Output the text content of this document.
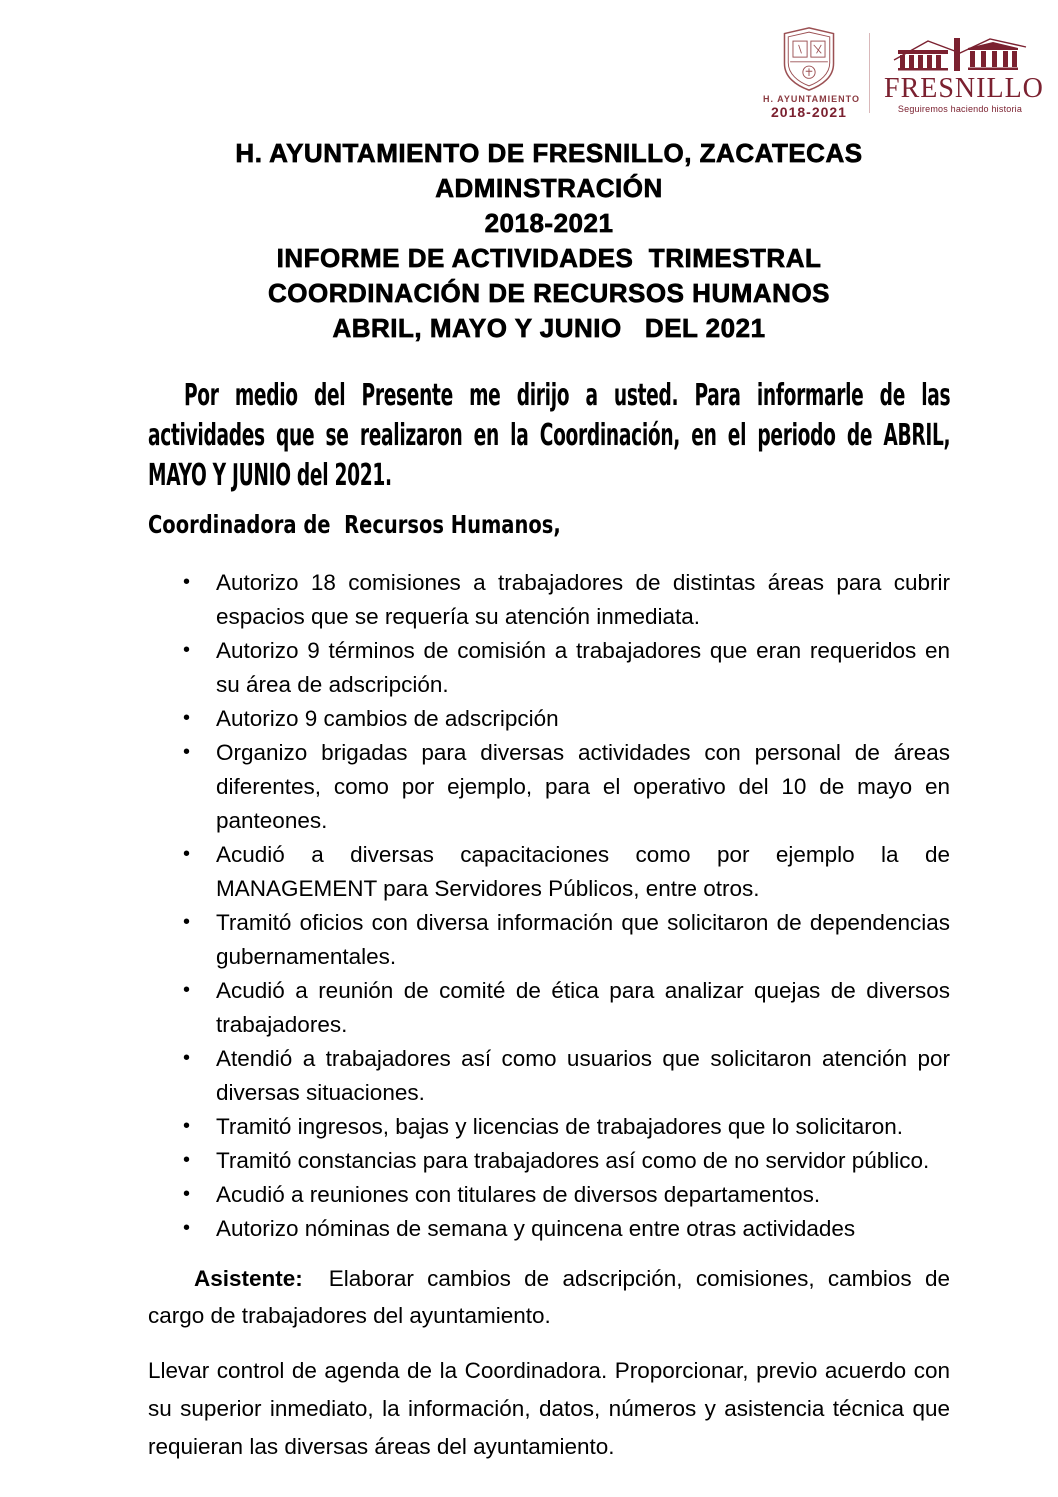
H. AYUNTAMIENTO
2018-2021
FRESNILLO
Seguiremos haciendo historia
H. AYUNTAMIENTO DE FRESNILLO, ZACATECAS
ADMINSTRACIÓN
2018-2021
INFORME DE ACTIVIDADES  TRIMESTRAL
COORDINACIÓN DE RECURSOS HUMANOS
ABRIL, MAYO Y JUNIO   DEL 2021

Por medio del Presente me dirijo a usted. Para informarle de las actividades que se realizaron en la Coordinación, en el periodo de ABRIL, MAYO Y JUNIO del 2021.

Coordinadora de  Recursos Humanos,
• Autorizo 18 comisiones a trabajadores de distintas áreas para cubrir espacios que se requería su atención inmediata.
• Autorizo 9 términos de comisión a trabajadores que eran requeridos en su área de adscripción.
• Autorizo 9 cambios de adscripción
• Organizo brigadas para diversas actividades con personal de áreas diferentes, como por ejemplo, para el operativo del 10 de mayo en panteones.
• Acudió a diversas capacitaciones como por ejemplo la de MANAGEMENT para Servidores Públicos, entre otros.
• Tramitó oficios con diversa información que solicitaron de dependencias gubernamentales.
• Acudió a reunión de comité de ética para analizar quejas de diversos trabajadores.
• Atendió a trabajadores así como usuarios que solicitaron atención por diversas situaciones.
• Tramitó ingresos, bajas y licencias de trabajadores que lo solicitaron.
• Tramitó constancias para trabajadores así como de no servidor público.
• Acudió a reuniones con titulares de diversos departamentos.
• Autorizo nóminas de semana y quincena entre otras actividades

Asistente: Elaborar cambios de adscripción, comisiones, cambios de cargo de trabajadores del ayuntamiento.

Llevar control de agenda de la Coordinadora. Proporcionar, previo acuerdo con su superior inmediato, la información, datos, números y asistencia técnica que requieran las diversas áreas del ayuntamiento.
